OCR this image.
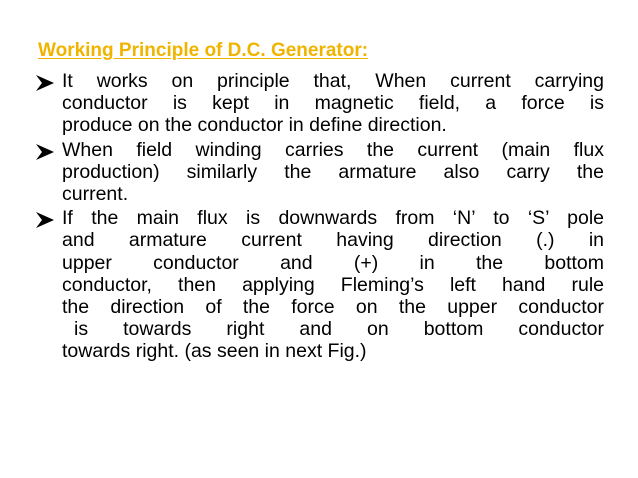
Working Principle of D.C. Generator:
It works on principle that, When current carrying
conductor is kept in magnetic field, a force is
produce on the conductor in define direction.
When field winding carries the current (main flux
production) similarly the armature also carry the
current.
If the main flux is downwards from ‘N’ to ‘S’ pole
and armature current having direction (.) in
upper conductor and (+) in the bottom
conductor, then applying Fleming’s left hand rule
the direction of the force on the upper conductor
is towards right and on bottom conductor
towards right. (as seen in next Fig.)
